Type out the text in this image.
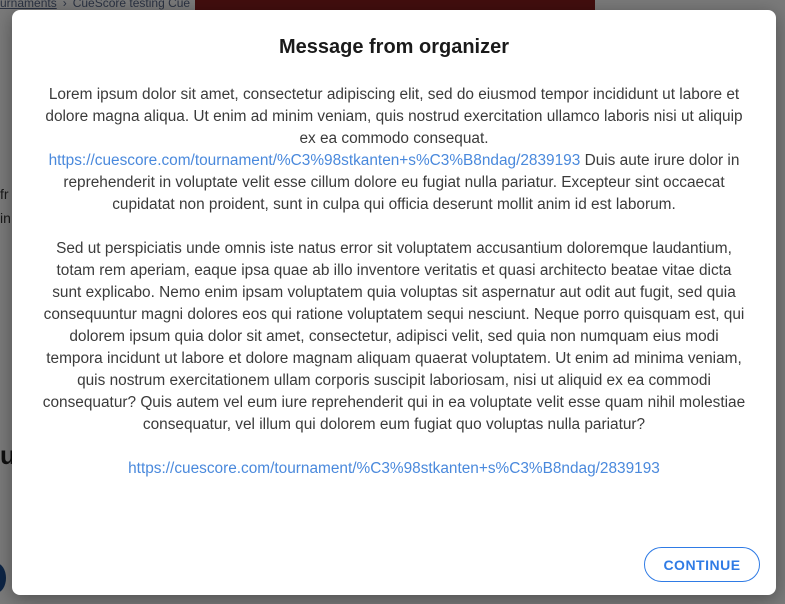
Message from organizer

Lorem ipsum dolor sit amet, consectetur adipiscing elit, sed do eiusmod tempor incididunt ut labore et dolore magna aliqua. Ut enim ad minim veniam, quis nostrud exercitation ullamco laboris nisi ut aliquip ex ea commodo consequat. https://cuescore.com/tournament/%C3%98stkanten+s%C3%B8ndag/2839193 Duis aute irure dolor in reprehenderit in voluptate velit esse cillum dolore eu fugiat nulla pariatur. Excepteur sint occaecat cupidatat non proident, sunt in culpa qui officia deserunt mollit anim id est laborum.

Sed ut perspiciatis unde omnis iste natus error sit voluptatem accusantium doloremque laudantium, totam rem aperiam, eaque ipsa quae ab illo inventore veritatis et quasi architecto beatae vitae dicta sunt explicabo. Nemo enim ipsam voluptatem quia voluptas sit aspernatur aut odit aut fugit, sed quia consequuntur magni dolores eos qui ratione voluptatem sequi nesciunt. Neque porro quisquam est, qui dolorem ipsum quia dolor sit amet, consectetur, adipisci velit, sed quia non numquam eius modi tempora incidunt ut labore et dolore magnam aliquam quaerat voluptatem. Ut enim ad minima veniam, quis nostrum exercitationem ullam corporis suscipit laboriosam, nisi ut aliquid ex ea commodi consequatur? Quis autem vel eum iure reprehenderit qui in ea voluptate velit esse quam nihil molestiae consequatur, vel illum qui dolorem eum fugiat quo voluptas nulla pariatur?

https://cuescore.com/tournament/%C3%98stkanten+s%C3%B8ndag/2839193

CONTINUE
